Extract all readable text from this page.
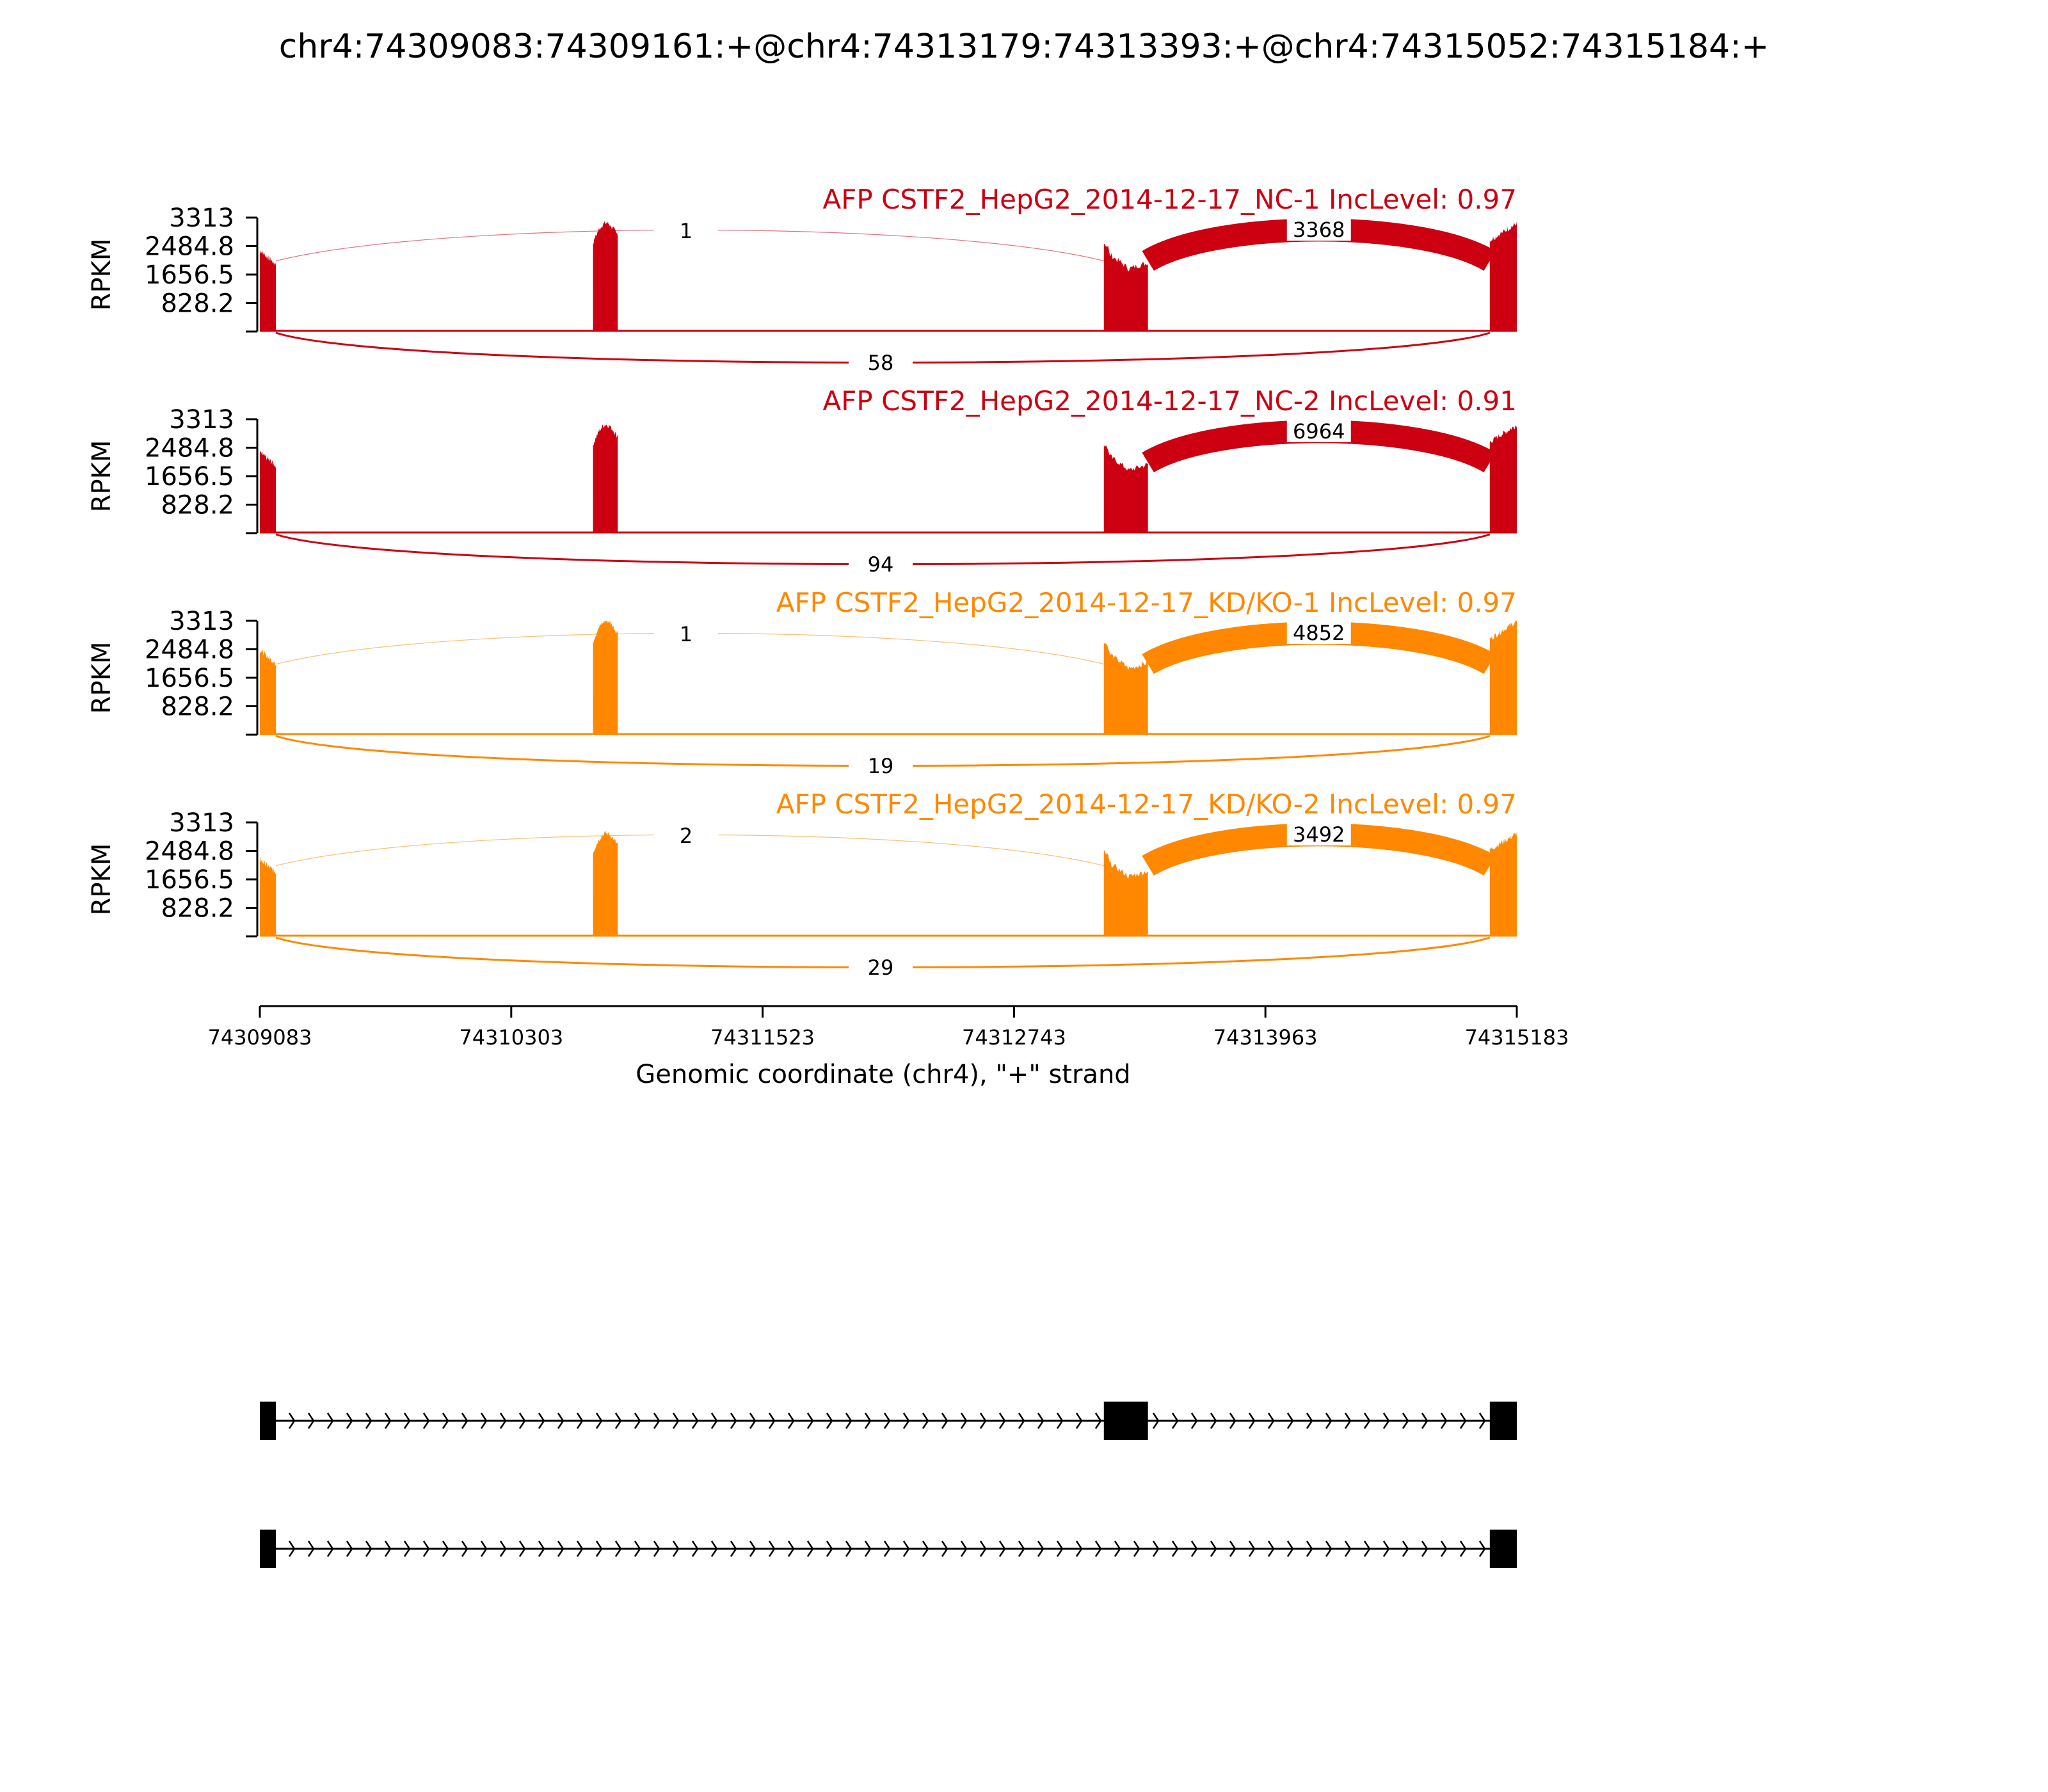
chr4:74309083:74309161:+@chr4:74313179:74313393:+@chr4:74315052:74315184:+
828.2
1656.5
2484.8
3313
RPKM
1	3368
58
AFP CSTF2_HepG2_2014-12-17_NC-1 IncLevel: 0.97
828.2
1656.5
2484.8
3313
RPKM
6964
94
AFP CSTF2_HepG2_2014-12-17_NC-2 IncLevel: 0.91
828.2
1656.5
2484.8
3313
RPKM
1	4852
19
AFP CSTF2_HepG2_2014-12-17_KD/KO-1 IncLevel: 0.97
828.2
1656.5
2484.8
3313
RPKM
2	3492
29
AFP CSTF2_HepG2_2014-12-17_KD/KO-2 IncLevel: 0.97
74309083	74310303	74311523	74312743	74313963	74315183
Genomic coordinate (chr4), "+" strand
